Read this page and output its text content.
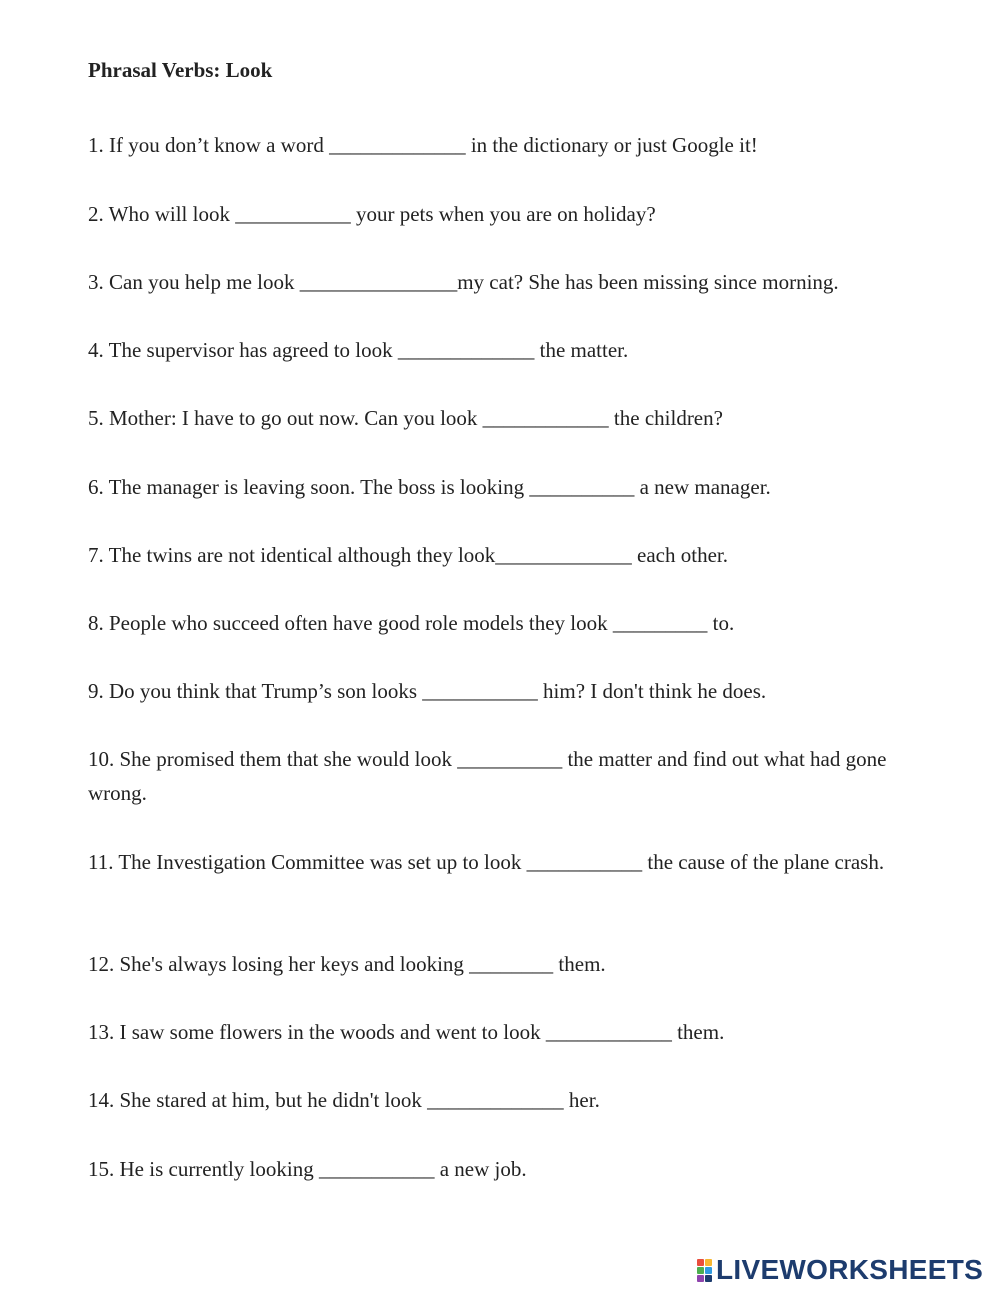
Phrasal Verbs: Look

1. If you don’t know a word _____________ in the dictionary or just Google it!

2. Who will look ___________ your pets when you are on holiday?

3. Can you help me look _______________my cat? She has been missing since morning.

4. The supervisor has agreed to look _____________ the matter.

5. Mother: I have to go out now. Can you look ____________ the children?

6. The manager is leaving soon. The boss is looking __________ a new manager.

7. The twins are not identical although they look_____________ each other.

8. People who succeed often have good role models they look _________ to.

9. Do you think that Trump’s son looks ___________ him? I don't think he does.

10. She promised them that she would look __________ the matter and find out what had gone wrong.

11. The Investigation Committee was set up to look ___________ the cause of the plane crash.

12. She's always losing her keys and looking ________ them.

13. I saw some flowers in the woods and went to look ____________ them.

14. She stared at him, but he didn't look _____________ her.

15. He is currently looking ___________ a new job.

LIVEWORKSHEETS
